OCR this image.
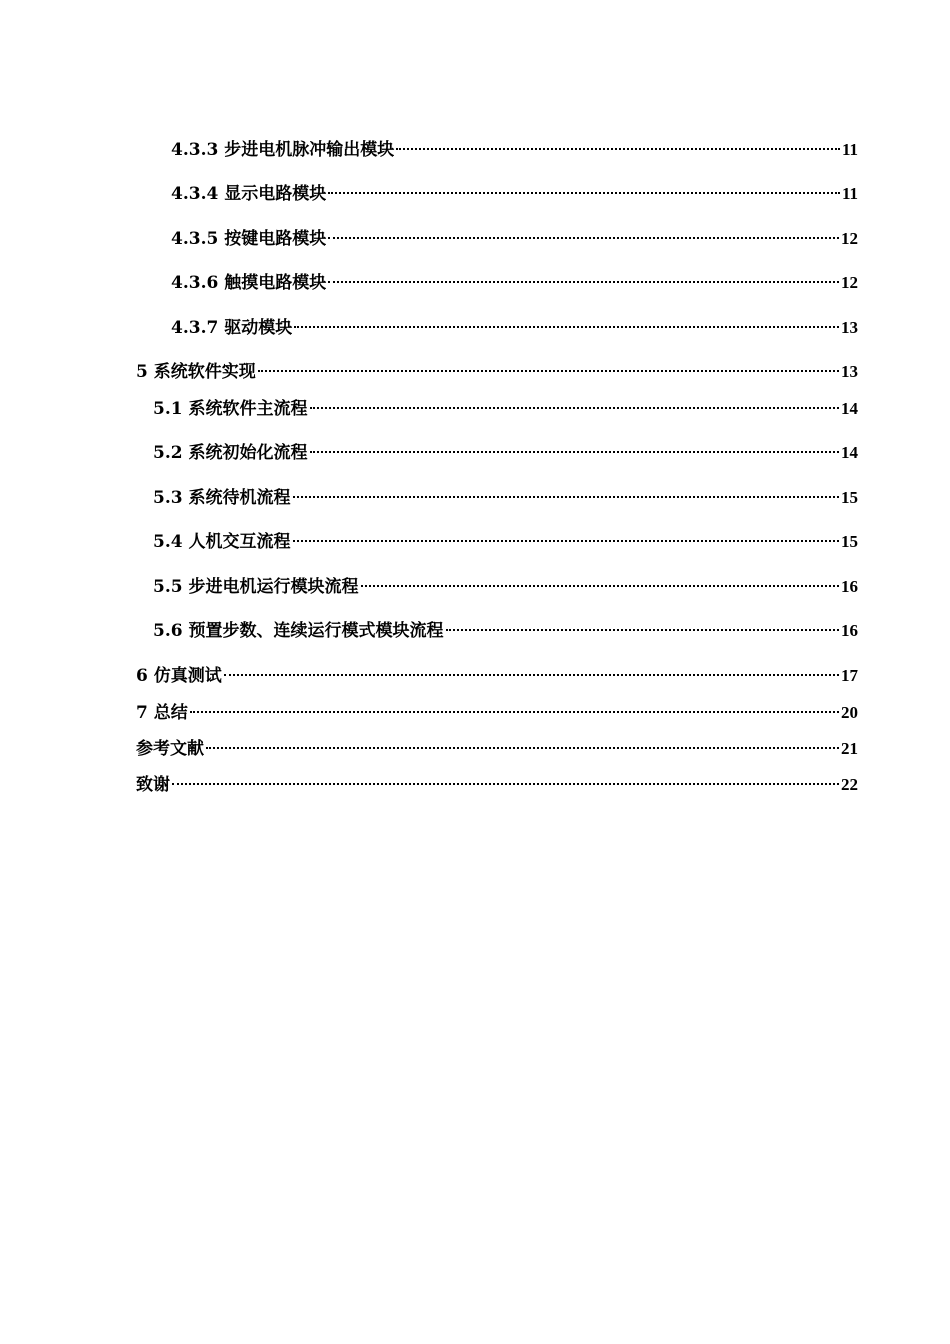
4.3.3 步进电机脉冲输出模块	11
4.3.4 显示电路模块	11
4.3.5 按键电路模块	12
4.3.6 触摸电路模块	12
4.3.7 驱动模块	13
5 系统软件实现	13
5.1 系统软件主流程	14
5.2 系统初始化流程	14
5.3 系统待机流程	15
5.4 人机交互流程	15
5.5 步进电机运行模块流程	16
5.6 预置步数、连续运行模式模块流程	16
6 仿真测试	17
7 总结	20
参考文献	21
致谢	22
